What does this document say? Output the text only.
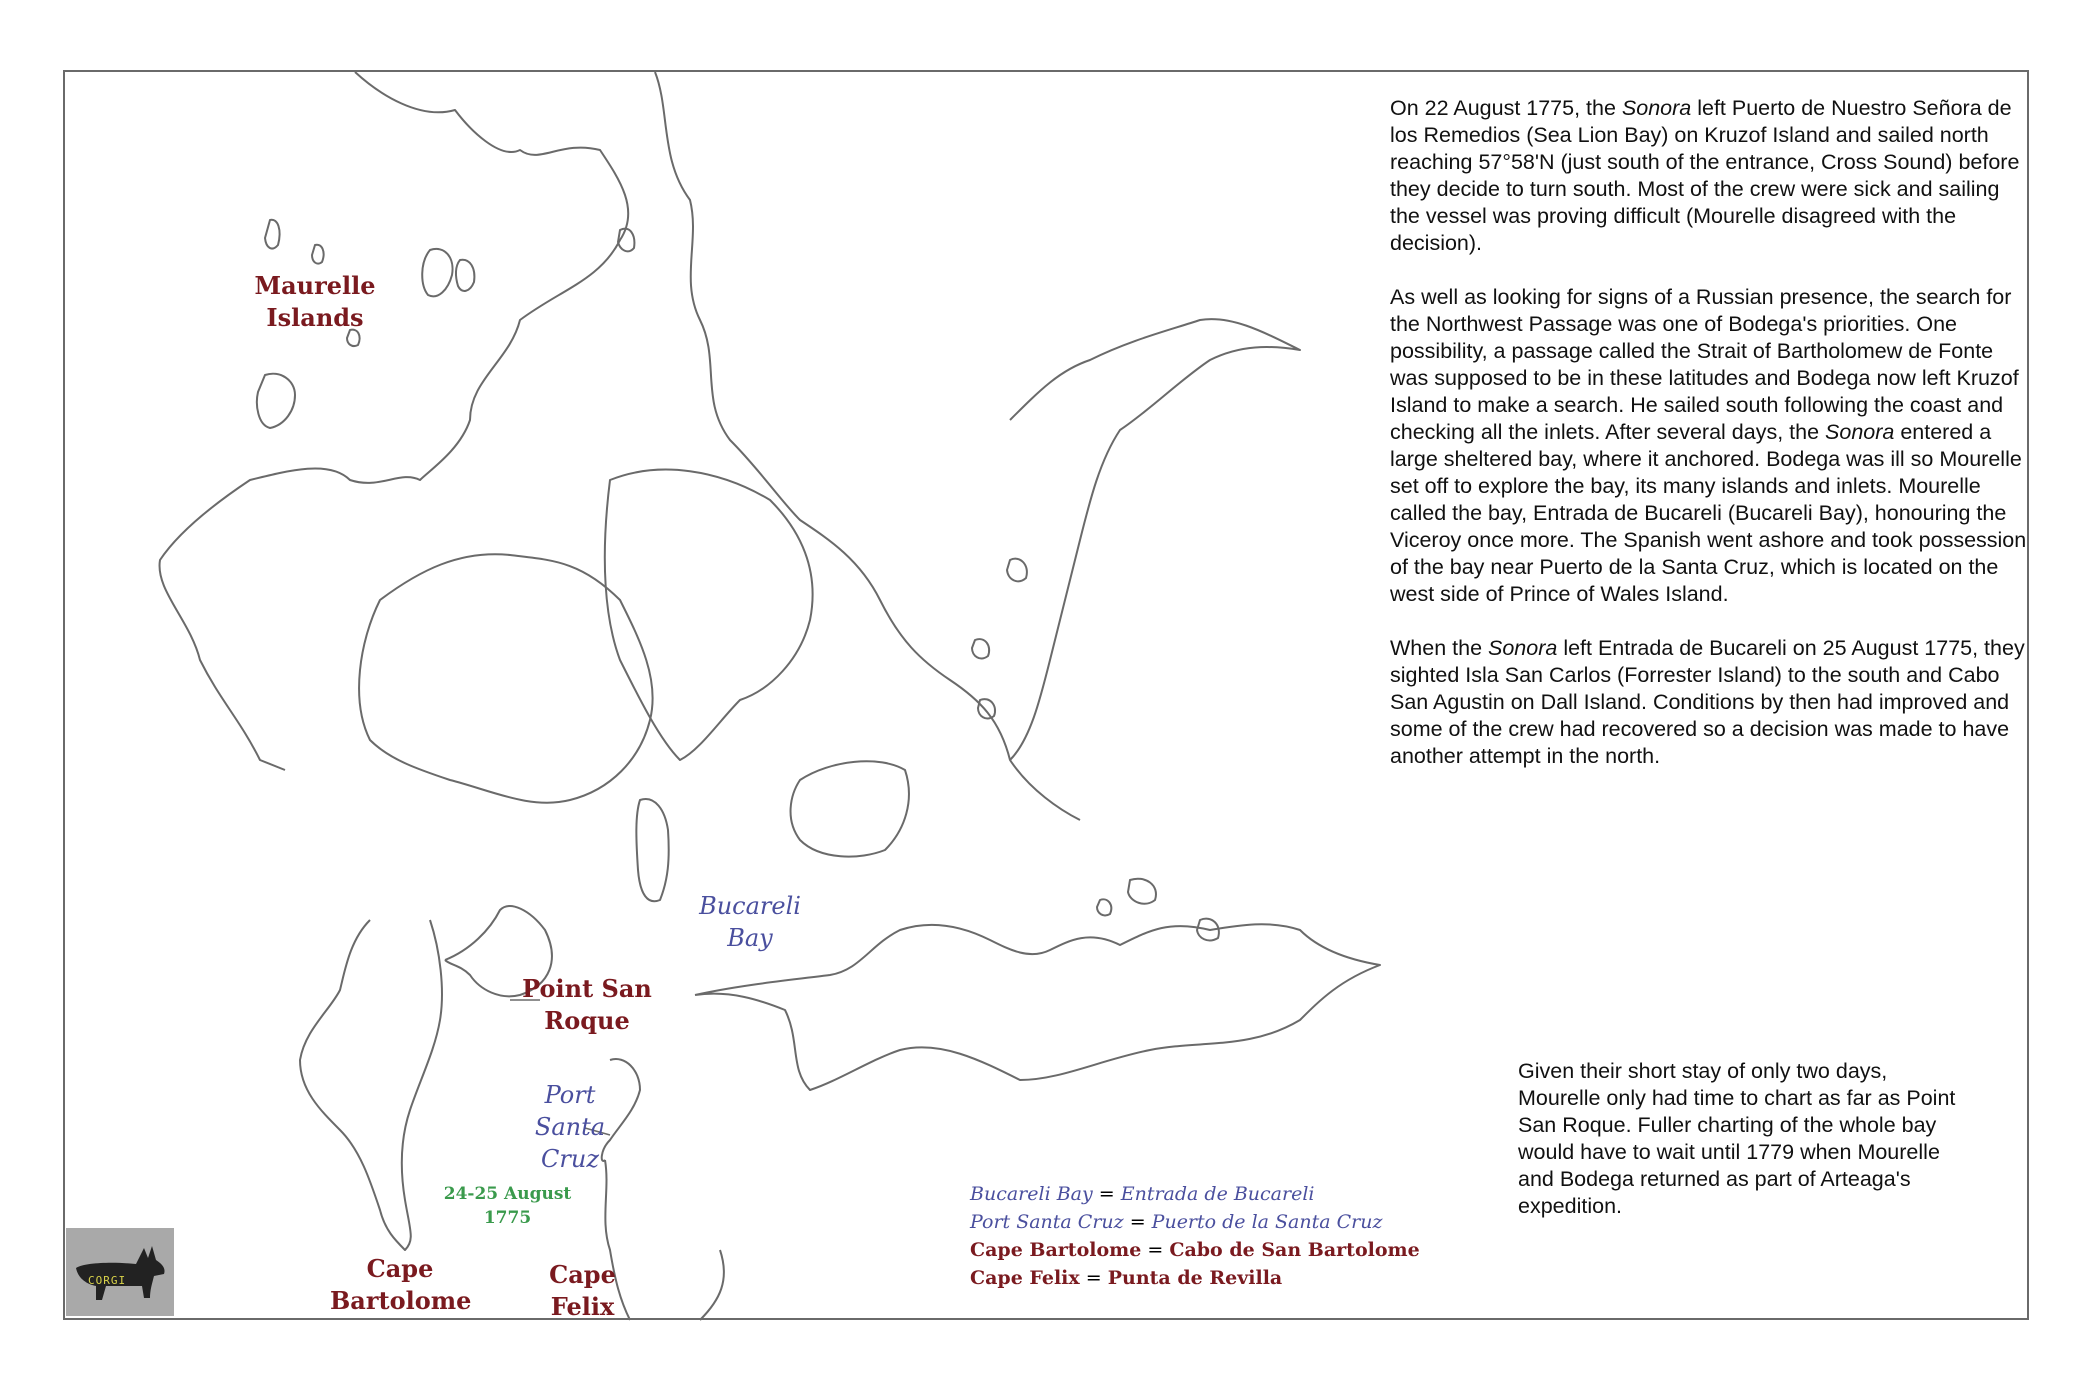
Maurelle
Islands
Bucareli
Bay
Point San
Roque
Port
Santa
Cruz
24-25 August
1775
Cape
Bartolome
Cape
Felix

On 22 August 1775, the Sonora left Puerto de Nuestro Señora de los Remedios (Sea Lion Bay) on Kruzof Island and sailed north reaching 57°58'N (just south of the entrance, Cross Sound) before they decide to turn south. Most of the crew were sick and sailing the vessel was proving difficult (Mourelle disagreed with the decision).

As well as looking for signs of a Russian presence, the search for the Northwest Passage was one of Bodega's priorities. One possibility, a passage called the Strait of Bartholomew de Fonte was supposed to be in these latitudes and Bodega now left Kruzof Island to make a search. He sailed south following the coast and checking all the inlets. After several days, the Sonora entered a large sheltered bay, where it anchored. Bodega was ill so Mourelle set off to explore the bay, its many islands and inlets. Mourelle called the bay, Entrada de Bucareli (Bucareli Bay), honouring the Viceroy once more. The Spanish went ashore and took possession of the bay near Puerto de la Santa Cruz, which is located on the west side of Prince of Wales Island.

When the Sonora left Entrada de Bucareli on 25 August 1775, they sighted Isla San Carlos (Forrester Island) to the south and Cabo San Agustin on Dall Island. Conditions by then had improved and some of the crew had recovered so a decision was made to have another attempt in the north.

Given their short stay of only two days, Mourelle only had time to chart as far as Point San Roque. Fuller charting of the whole bay would have to wait until 1779 when Mourelle and Bodega returned as part of Arteaga's expedition.
Bucareli Bay = Entrada de Bucareli
Port Santa Cruz = Puerto de la Santa Cruz
Cape Bartolome = Cabo de San Bartolome
Cape Felix = Punta de Revilla
CORGI
